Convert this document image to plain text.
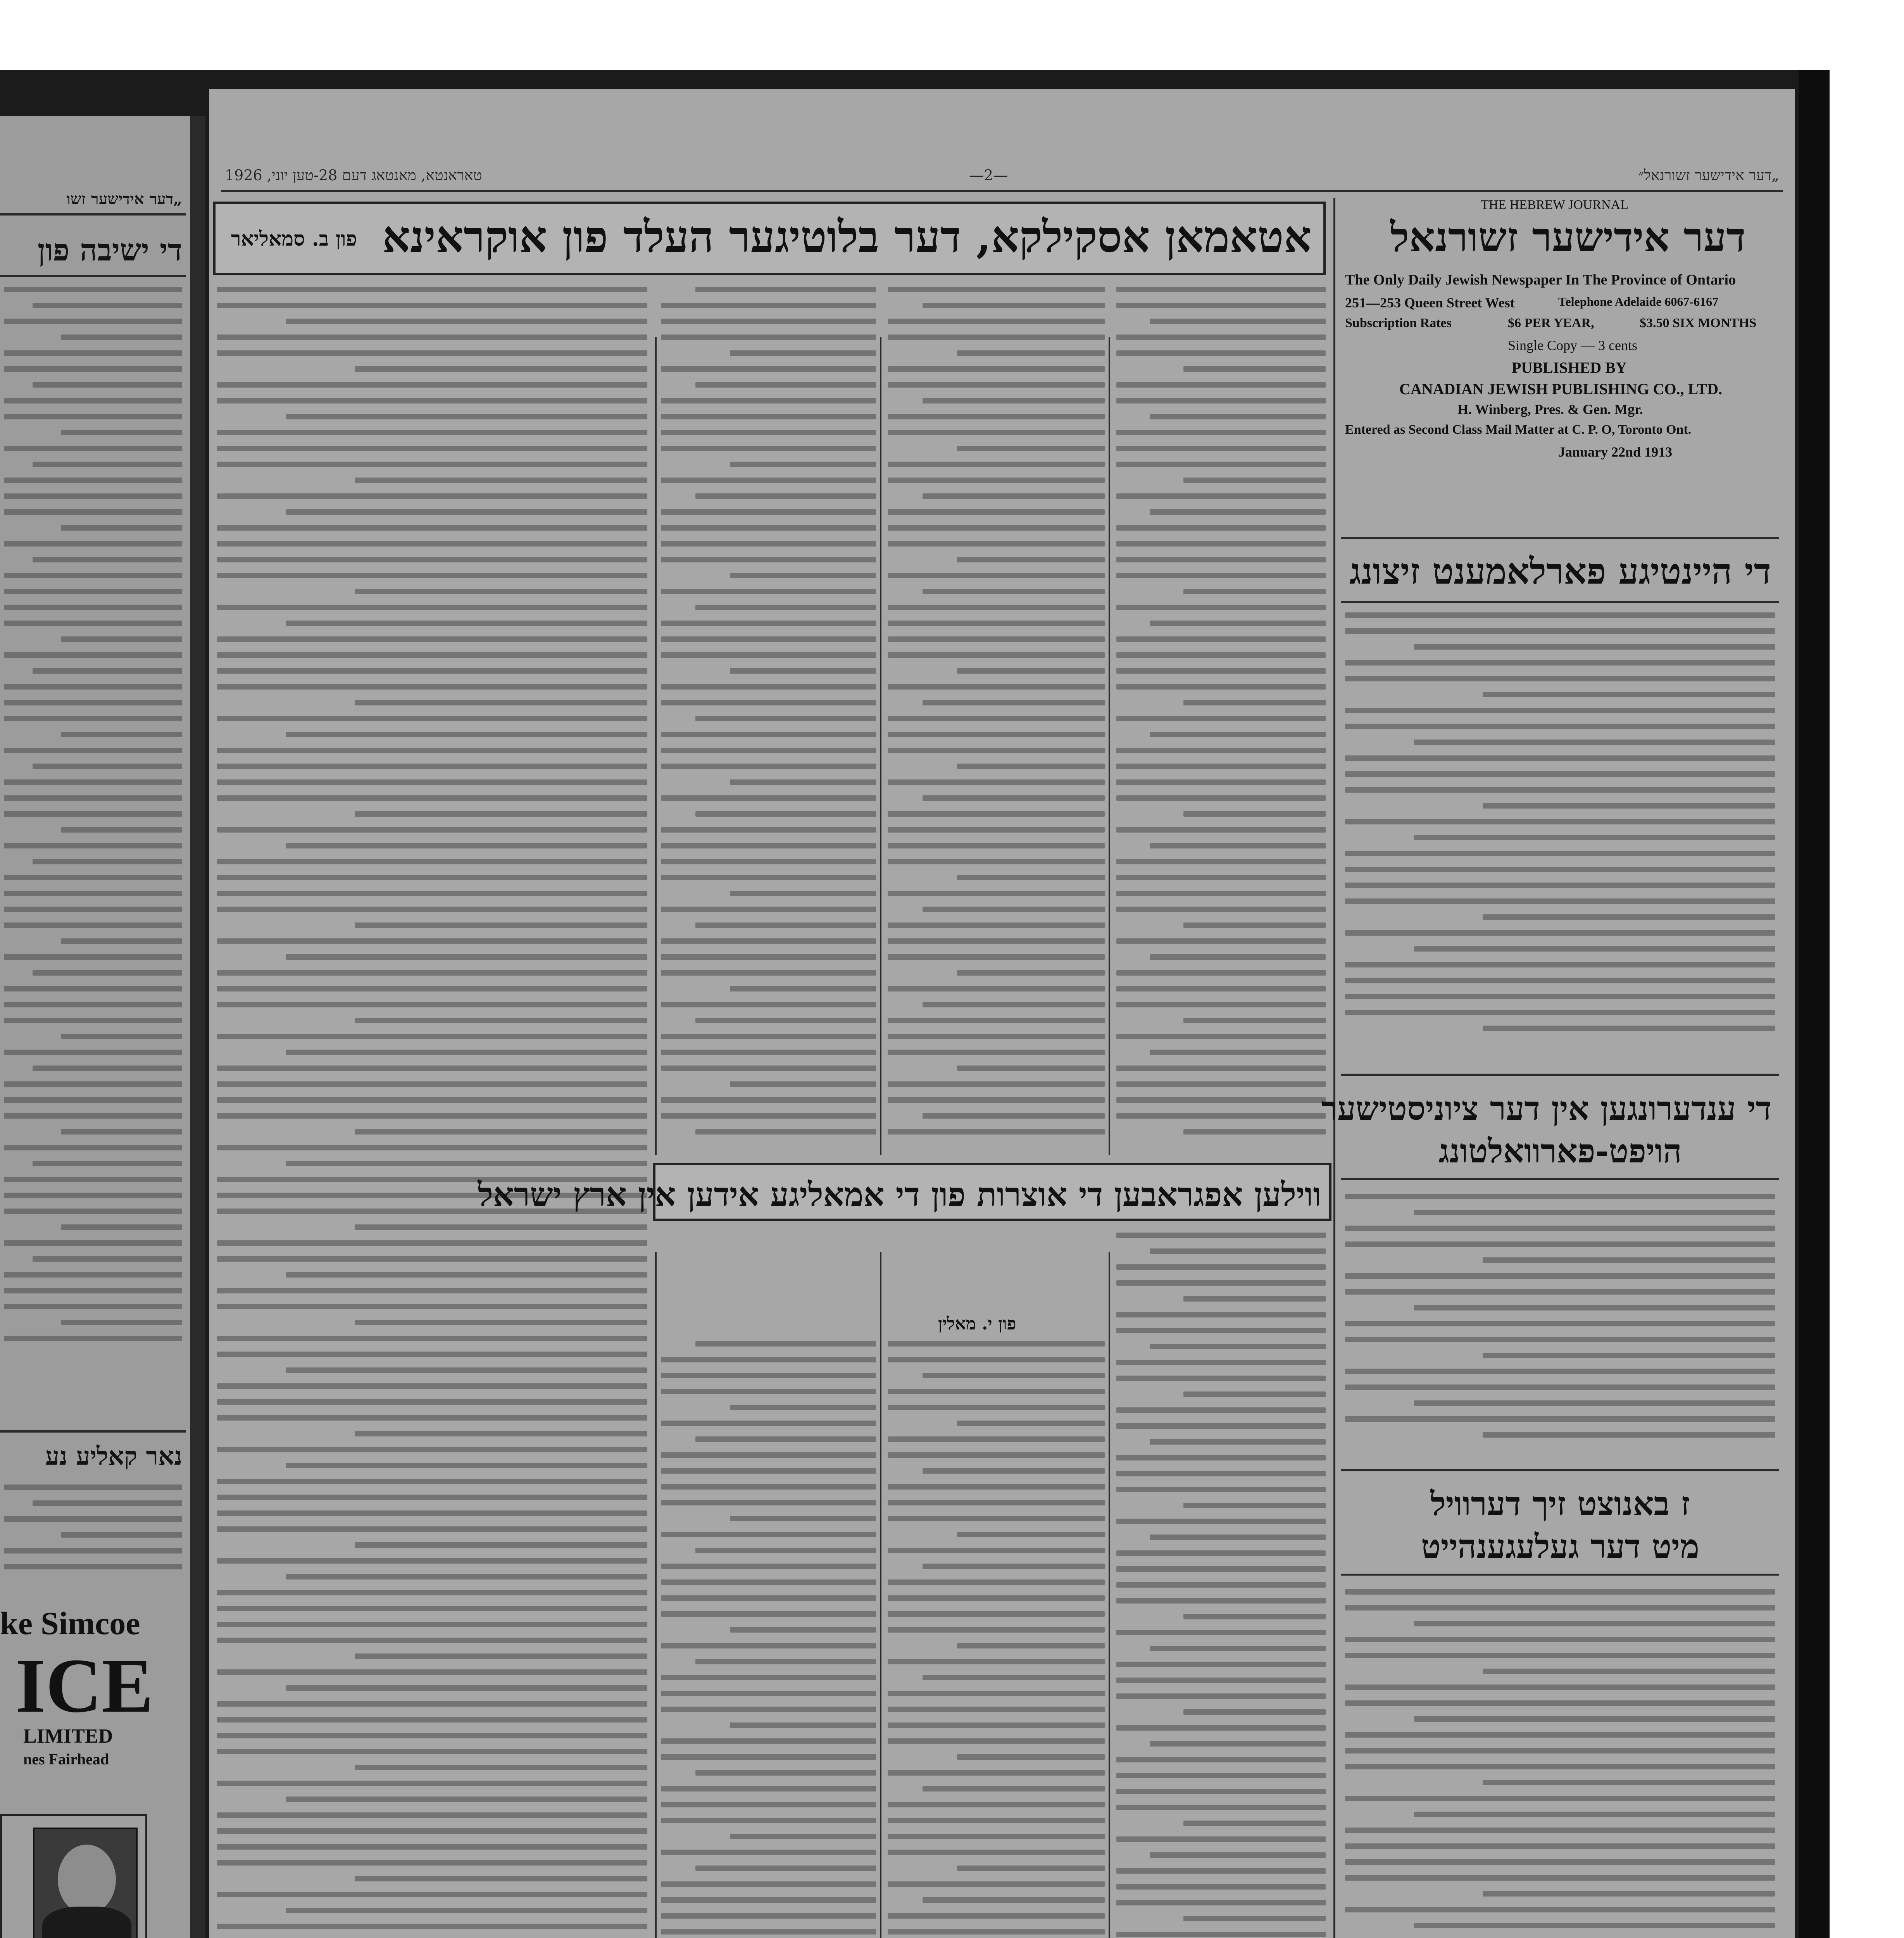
„דער אידישער זשו
די ישיבה פון
נאר קאליע נע
ke Simcoe
ICE
LIMITED
nes Fairhead
„דער אידישער זשורנאל״
—2—
טאראנטא, מאנטאג דעם 28-טען יוני, 1926
THE HEBREW JOURNAL
דער אידישער זשורנאל
The Only Daily Jewish Newspaper In The Province of Ontario
251—253 Queen Street West	Telephone Adelaide 6067-6167
Subscription Rates	$6 PER YEAR,	$3.50 SIX MONTHS
Single Copy — 3 cents
PUBLISHED BY
CANADIAN JEWISH PUBLISHING CO., LTD.
H. Winberg, Pres. & Gen. Mgr.
Entered as Second Class Mail Matter at C. P. O, Toronto Ont.
January 22nd 1913
אטאמאן אסקילקא, דער בלוטיגער העלד פון אוקראינא
פון ב. סמאליאר
ווילען אפגראבען די אוצרות פון די אמאליגע אידען אין ארץ ישראל
פון י. מאלין
די היינטיגע פארלאמענט זיצונג
די ענדערונגען אין דער ציוניסטישער
הויפט-פארוואלטונג
ז באנוצט זיך דערוויל
מיט דער געלעגענהייט
